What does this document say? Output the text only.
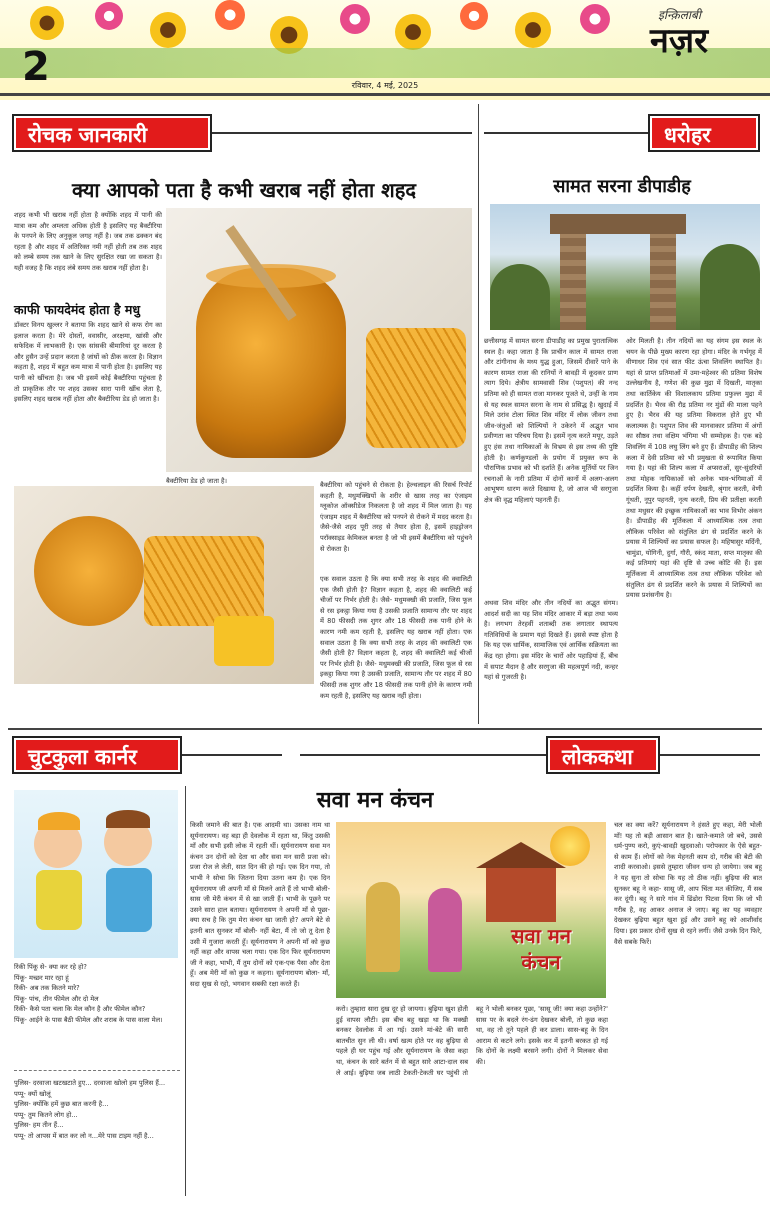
2
इन्क़िलाबी
नज़र
रविवार, 4 मई, 2025
रोचक जानकारी	धरोहर
क्या आपको पता है कभी खराब नहीं होता शहद
शहद कभी भी खराब नहीं होता है क्योंकि शहद में पानी की मात्रा कम और अम्लता अधिक होती है इसलिए यह बैक्टीरिया के पनपने के लिए अनुकूल जगह नहीं है। जब तक ढक्कन बंद रहता है और शहद में अतिरिक्त नमी नहीं होती तब तक शहद को लम्बे समय तक खाने के लिए सुरक्षित रखा जा सकता है। यही वजह है कि शहद लंबे समय तक खराब नहीं होता है।
काफी फायदेमंद होता है मधु
डॉक्टर विनय खुल्लर ने बताया कि शहद खाने से कफ रोग का इलाज करता है। मेरे दोस्तों, ववासीर, अरक्षमा, खांसी और सफेदिक में लाभकारी है। एक सांसकी बीमारियां दूर करता है और हुसैन उन्हें प्रदान करता है जांघों को ठीक करता है। विज्ञान कहता है, शहद में बहुत कम मात्रा में पानी होता है। इसलिए यह पानी को खींचता है। जब भी इसमें कोई बैक्टीरिया पहुंचता है तो प्राकृतिक तौर पर शहद उसका सारा पानी खींच लेता है, इसलिए शहद खराब नहीं होता और बैक्टीरिया डेड हो जाता है।
बैक्टीरिया डेड हो जाता है।	बैक्टीरिया को पहुंचने से रोकता है। हेल्थलाइन की रिसर्च रिपोर्ट कहती है, मधुमक्खियों के शरीर से खास तरह का एंजाइम ग्लूकोज ऑक्सीडेज निकलता है जो शहद में मिल जाता है। यह एंजाइम शहद में बैक्टीरिया को पनपने से रोकने में मदद करता है। जैसे-जैसे शहद पूरी तरह से तैयार होता है, इसमें हाइड्रोजन परॉक्साइड केमिकल बनता है जो भी इसमें बैक्टीरिया को पहुंचने से रोकता है।
एक सवाल उठता है कि क्या सभी तरह के शहद की क्वालिटी एक जैसी होती है? विज्ञान कहता है, शहद की क्वालिटी कई चीजों पर निर्भर होती है। जैसे- मधुमक्खी की प्रजाति, जिस फूल से रस इकट्ठा किया गया है उसकी प्रजाति सामान्य तौर पर शहद में 80 फीसदी तक शुगर और 18 फीसदी तक पानी होने के कारण नमी कम रहती है, इसलिए यह खराब नहीं होता। एक सवाल उठता है कि क्या सभी तरह के शहद की क्वालिटी एक जैसी होती है? विज्ञान कहता है, शहद की क्वालिटी कई चीजों पर निर्भर होती है। जैसे- मधुमक्खी की प्रजाति, जिस फूल से रस इकट्ठा किया गया है उसकी प्रजाति, सामान्य तौर पर शहद में 80 फीसदी तक शुगर और 18 फीसदी तक पानी होने के कारण नमी कम रहती है, इसलिए यह खराब नहीं होता।
सामत सरना डीपाडीह
छत्तीसगढ़ में सामत सरना डीपाडीह का प्रमुख पुरातात्विक स्थल है। कहा जाता है कि प्राचीन काल में सामत राजा और टांगीनाथ के मध्य युद्ध हुआ, जिसमें दीवारें पाने के कारण सामत राजा की रानियों ने बावड़ी में कूदकर प्राण त्याग दिये। क्षेत्रीय सामवासी शिव (पशुपत) की नन्द प्रतिमा को ही सामत राजा मानकर पूजते थे, उन्हीं के नाम से यह स्थल सामत सरना के नाम से प्रसिद्ध है। खुदाई में मिले उरांव टोला स्थित शिव मंदिर में लोक जीवन तथा जीव-जंतुओं को शिल्पियों ने उकेरने में अद्भुत भाव प्रवीणता का परिचय दिया है। इसमें नृत्य करते मयूर, उड़ते हुए हंस तथा नायिकाओं के विभ्रम से इस तथ्य की पुष्टि होती है। कर्णकुण्डलों के प्रयोग में प्रयुक्त रूप के पौराणिक प्रभाव को भी दर्शाते हैं। अनेक मूर्तियों पर जिन रचनाओं के नारी प्रतिमा में दोनों कानों में अलग-अलग आभूषण धारण करते दिखाया है, जो आज भी सरगुजा क्षेत्र की वृद्ध महिलाएं पहनती हैं।
अथवा शिव मंदिर और तीन नदियों का अद्भुत संगम। आदर्श सदी का यह शिव मंदिर आकार में बड़ा तथा भव्य है। लगभग तेरहवीं शताब्दी तक लगातार स्थापत्य गतिविधियों के प्रमाण यहां दिखते हैं। इससे स्पष्ट होता है कि यह एक धार्मिक, सामाजिक एवं आर्थिक सक्रियता का केंद्र रहा होगा। इस मंदिर के चारों ओर पहाड़ियां हैं, बीच में सपाट मैदान है और सरगुजा की महत्वपूर्ण नदी, कन्हर यहां से गुजरती है।
ओर मिलती है। तीन नदियों का यह संगम इस स्थल के चयन के पीछे मुख्य कारण रहा होगा। मंदिर के गर्भगृह में वीणाधर शिव एवं सात फीट ऊंचा शिवलिंग स्थापित है। यहां से प्राप्त प्रतिमाओं में उमा-महेश्वर की प्रतिमा विशेष उल्लेखनीय है, गणेश की कुछ मुद्रा में दिखती, मातृका तथा कार्तिकेय की विशालकाय प्रतिमा प्रफुल्ल मुद्रा में प्रदर्शित है। भैरव की रौद्र प्रतिमा नर मुंडों की माला पहने हुए है। भैरव की यह प्रतिमा विकराल होते हुए भी कलात्मक है। पशुपत शिव की मानवाकार प्रतिमा में अंगों का सौष्ठव तथा वक्षिम भंगिमा भी सम्मोहक है। एक बड़े शिवलिंग में 108 लघु लिंग बने हुए हैं। डीपाडीह की शिल्प कला में देवी प्रतिमा को भी प्रमुखता से रूपायित किया गया है। यहां की शिल्प कला में अप्सराओं, सुर-सुंदरियों तथा मोहक नायिकाओं को अनेक भाव-भंगिमाओं में प्रदर्शित किया है। कहीं दर्पण देखती, श्रृंगार करती, वेणी गूंथती, नूपुर पहनती, नृत्य करती, प्रिय की प्रतीक्षा करती तथा मधुसर की इच्छुक नायिकाओं का भाव विभोर अंकन है। डीपाडीह की मूर्तिकला में आध्यात्मिक तत्व तथा लौकिक परिवेश को संतुलित ढंग से प्रदर्शित करने के प्रयास में शिल्पियों का प्रयास सफल है। महिषासुर मर्दिनी, चामुंडा, योगिनी, दुर्गा, गौरी, स्कंद माता, सप्त मातृका की कई प्रतिमाएं यहां की दृष्टि से उच्च कोटि की हैं। इस मूर्तिकला में आध्यात्मिक तत्व तथा लौकिक परिवेश को संतुलित ढंग से प्रदर्शित करने के प्रयास में शिल्पियों का प्रयास प्रशंसनीय है।
चुटकुला कार्नर	लोककथा
रिंकी पिंकू से- क्या कर रहे हो?
पिंकू- मच्छर मार रहा हूं
रिंकी- अब तक कितने मारे?
पिंकू- पांच, तीन फीमेल और दो मेल
रिंकी- कैसे पता चला कि मेल कौन है और फीमेल कौन?
पिंकू- आईने के पास बैठी फीमेल और शराब के पास वाला मेल।
पुलिस- दरवाजा खटखटाते हुए... दरवाजा खोलो हम पुलिस हैं...
पप्पू- क्यों खोलूं
पुलिस- क्योंकि हमें कुछ बात करनी है...
पप्पू- तुम कितने लोग हो...
पुलिस- हम तीन हैं...
पप्पू- तो आपस में बात कर लो न...मेरे पास टाइम नहीं है...
सवा मन कंचन
किसी जमाने की बात है। एक आदमी था। उसका नाम था सूर्यनारायण। वह बड़ा ही देवलोक में रहता था, किंतु उसकी माँ और सभी इसी लोक में रहती थीं। सूर्यनारायण सवा मन कंचन उन दोनों को देता था और सवा मन सारी प्रजा को। प्रजा रोज ले लेती, सात दिन की हो गई। एक दिन गया, तो भाभी ने सोचा कि जितना दिया उतना कम है। एक दिन सूर्यनारायण जी अपनी माँ से मिलने आते हैं तो भाभी बोली- सास जी मेरी कंचन में से खा जाती हैं। भाभी के पूछने पर उसने सारा हाल बताया। सूर्यनारायण ने अपनी माँ से पूछा- क्या सच है कि तुम मेरा कंचन खा जाती हो? अपने बेटे से इतनी बात सुनकर माँ बोली- नहीं बेटा, मैं तो जो तू देता है उसी में गुजारा करती हूँ। सूर्यनारायण ने अपनी माँ को कुछ नहीं कहा और वापस चला गया। एक दिन फिर सूर्यनारायण जी ने कहा, भाभी, मैं तुम दोनों को एक-एक पैसा और देता हूँ। अब मेरी माँ को कुछ न कहना। सूर्यनारायण बोला- माँ, सदा सुख से रहो, भगवान सबकी रक्षा करते हैं।
सवा मन
कंचन
करो। तुम्हारा सारा दुख दूर हो जायगा। बुढ़िया खुश होती हुई वापस लौटी। इस बीच बहू खड़ा था कि मक्खी बनकर देवलोक में आ गई। उसने मां-बेटे की सारी बातचीत सुन ली थी। वर्षा खत्म होते पर वह बुढ़िया से पहले ही घर पहुंच गई और सूर्यनारायण के जैसा कहा था, कंचन के सारे बर्तन में से बहुत सारे आटा-दाल सब ले आई। बुढ़िया जब लाठी टेकती-टेकती घर पहुंची तो बहू ने भोली बनकर पूछा, 'सासू जी! क्या कहा उन्होंने?' सास पर के बदले रंग-ढंग देखकर बोली, तो कुछ कहा था, वह तो तूने पहले ही कर डाला। सास-बहू के दिन आराम से कटने लगे। इसके कर में इतनी बरकत हो गई कि दोनों के लक्ष्मी बरसने लगी। दोनों ने मिलकर सेवा की।
चल का क्या करें? सूर्यनारायण ने हंसते हुए कहा, मेरी भोली माँ! यह तो बड़ी आसान बात है। खाते-कमाते जो बचे, उससे धर्म-पुण्य करो, कुएं-बावड़ी खुदवाओ। परोपकार के ऐसे बहुत-से काम हैं। लोगों को नेक मेहनती काम दो, गरीब की बेटी की शादी करवाओ। इससे तुम्हारा जीवन धन्य हो जायेगा। जब बहू ने यह सुना तो सोचा कि यह तो ठीक नहीं। बुढ़िया की बात सुनकर बहू ने कहा- सासू जी, आप चिंता मत कीजिए, मैं सब कर दूंगी। बहू ने सारे गांव में ढिंढोरा पिटवा दिया कि जो भी गरीब है, वह आकर अनाज ले जाए। बहू का यह व्यवहार देखकर बुढ़िया बहुत खुश हुई और उसने बहू को आशीर्वाद दिया। इस प्रकार दोनों सुख से रहने लगीं। जैसे उनके दिन फिरे, वैसे सबके फिरें।
